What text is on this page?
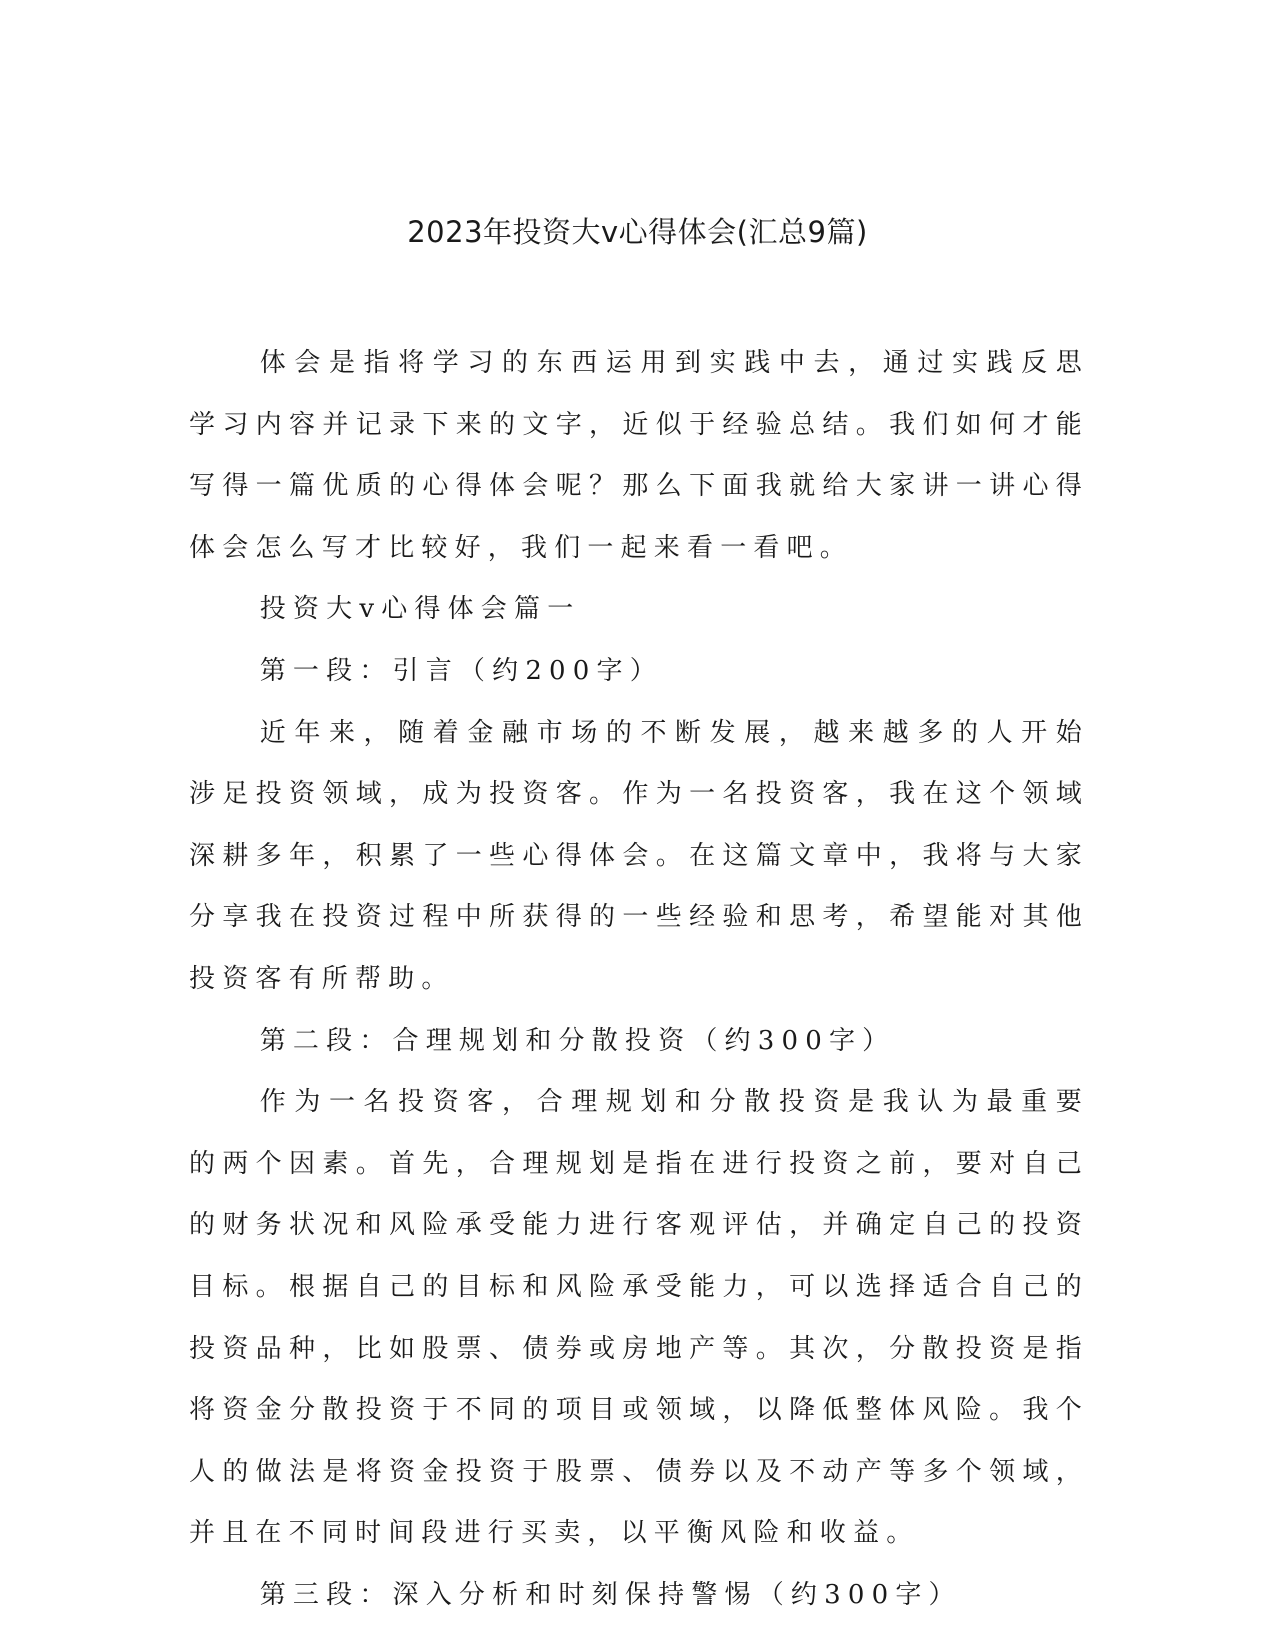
2023年投资大v心得体会(汇总9篇)

体会是指将学习的东西运用到实践中去，通过实践反思学习内容并记录下来的文字，近似于经验总结。我们如何才能写得一篇优质的心得体会呢？那么下面我就给大家讲一讲心得体会怎么写才比较好，我们一起来看一看吧。

投资大v心得体会篇一

第一段：引言（约200字）

近年来，随着金融市场的不断发展，越来越多的人开始涉足投资领域，成为投资客。作为一名投资客，我在这个领域深耕多年，积累了一些心得体会。在这篇文章中，我将与大家分享我在投资过程中所获得的一些经验和思考，希望能对其他投资客有所帮助。

第二段：合理规划和分散投资（约300字）

作为一名投资客，合理规划和分散投资是我认为最重要的两个因素。首先，合理规划是指在进行投资之前，要对自己的财务状况和风险承受能力进行客观评估，并确定自己的投资目标。根据自己的目标和风险承受能力，可以选择适合自己的投资品种，比如股票、债券或房地产等。其次，分散投资是指将资金分散投资于不同的项目或领域，以降低整体风险。我个人的做法是将资金投资于股票、债券以及不动产等多个领域，并且在不同时间段进行买卖，以平衡风险和收益。

第三段：深入分析和时刻保持警惕（约300字）
